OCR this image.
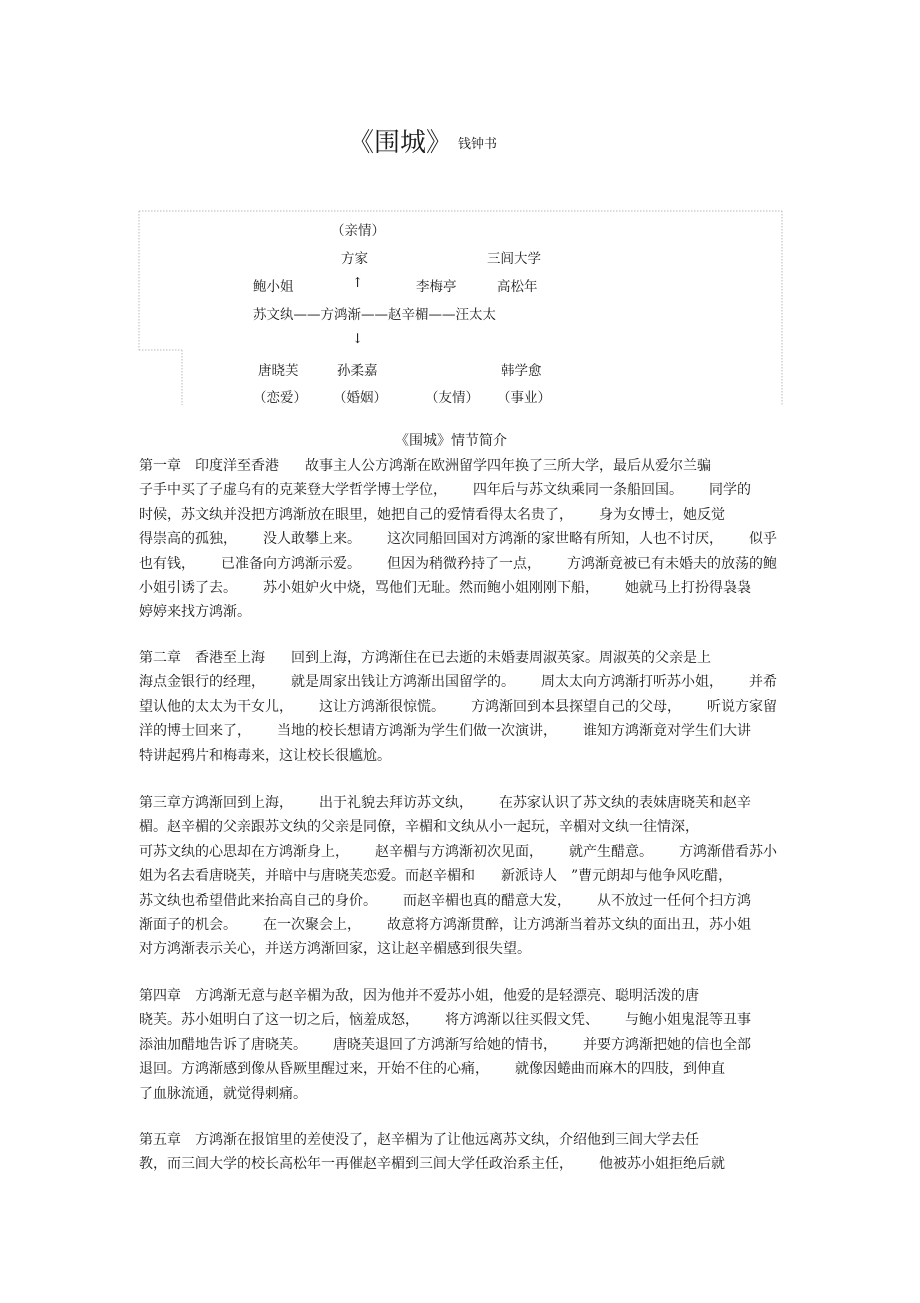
《围城》 钱钟书
（亲情）
方家	三闾大学
鲍小姐	↑	李梅亭	高松年
苏文纨——方鸿渐——赵辛楣——汪太太
↓
唐晓芙	孙柔嘉	韩学愈
（恋爱） （婚姻）	（友情） （事业）
《围城》情节简介
第一章　印度洋至香港 故事主人公方鸿渐在欧洲留学四年换了三所大学，最后从爱尔兰骗
子手中买了子虚乌有的克莱登大学哲学博士学位， 四年后与苏文纨乘同一条船回国。 同学的
时候，苏文纨并没把方鸿渐放在眼里，她把自己的爱情看得太名贵了， 身为女博士，她反觉
得崇高的孤独， 没人敢攀上来。 这次同船回国对方鸿渐的家世略有所知，人也不讨厌， 似乎
也有钱， 已准备向方鸿渐示爱。 但因为稍微矜持了一点， 方鸿渐竟被已有未婚夫的放荡的鲍
小姐引诱了去。 苏小姐妒火中烧，骂他们无耻。然而鲍小姐刚刚下船， 她就马上打扮得袅袅
婷婷来找方鸿渐。
第二章　香港至上海 回到上海，方鸿渐住在已去逝的未婚妻周淑英家。周淑英的父亲是上
海点金银行的经理， 就是周家出钱让方鸿渐出国留学的。 周太太向方鸿渐打听苏小姐， 并希
望认他的太太为干女儿， 这让方鸿渐很惊慌。 方鸿渐回到本县探望自己的父母， 听说方家留
洋的博士回来了， 当地的校长想请方鸿渐为学生们做一次演讲， 谁知方鸿渐竟对学生们大讲
特讲起鸦片和梅毒来，这让校长很尴尬。
第三章方鸿渐回到上海， 出于礼貌去拜访苏文纨， 在苏家认识了苏文纨的表妹唐晓芙和赵辛
楣。赵辛楣的父亲跟苏文纨的父亲是同僚，辛楣和文纨从小一起玩，辛楣对文纨一往情深，
可苏文纨的心思却在方鸿渐身上， 赵辛楣与方鸿渐初次见面， 就产生醋意。 方鸿渐借看苏小
姐为名去看唐晓芙，并暗中与唐晓芙恋爱。而赵辛楣和 新派诗人　”曹元朗却与他争风吃醋，
苏文纨也希望借此来抬高自己的身价。 而赵辛楣也真的醋意大发， 从不放过一任何个扫方鸿
渐面子的机会。 在一次聚会上， 故意将方鸿渐贯醉，让方鸿渐当着苏文纨的面出丑，苏小姐
对方鸿渐表示关心，并送方鸿渐回家，这让赵辛楣感到很失望。
第四章　方鸿渐无意与赵辛楣为敌，因为他并不爱苏小姐，他爱的是轻漂亮、聪明活泼的唐
晓芙。苏小姐明白了这一切之后，恼羞成怒， 将方鸿渐以往买假文凭、 与鲍小姐鬼混等丑事
添油加醋地告诉了唐晓芙。 唐晓芙退回了方鸿渐写给她的情书， 并要方鸿渐把她的信也全部
退回。方鸿渐感到像从昏厥里醒过来，开始不住的心痛， 就像因蜷曲而麻木的四肢，到伸直
了血脉流通，就觉得刺痛。
第五章　方鸿渐在报馆里的差使没了，赵辛楣为了让他远离苏文纨，介绍他到三闾大学去任
教，而三闾大学的校长高松年一再催赵辛楣到三闾大学任政治系主任， 他被苏小姐拒绝后就
